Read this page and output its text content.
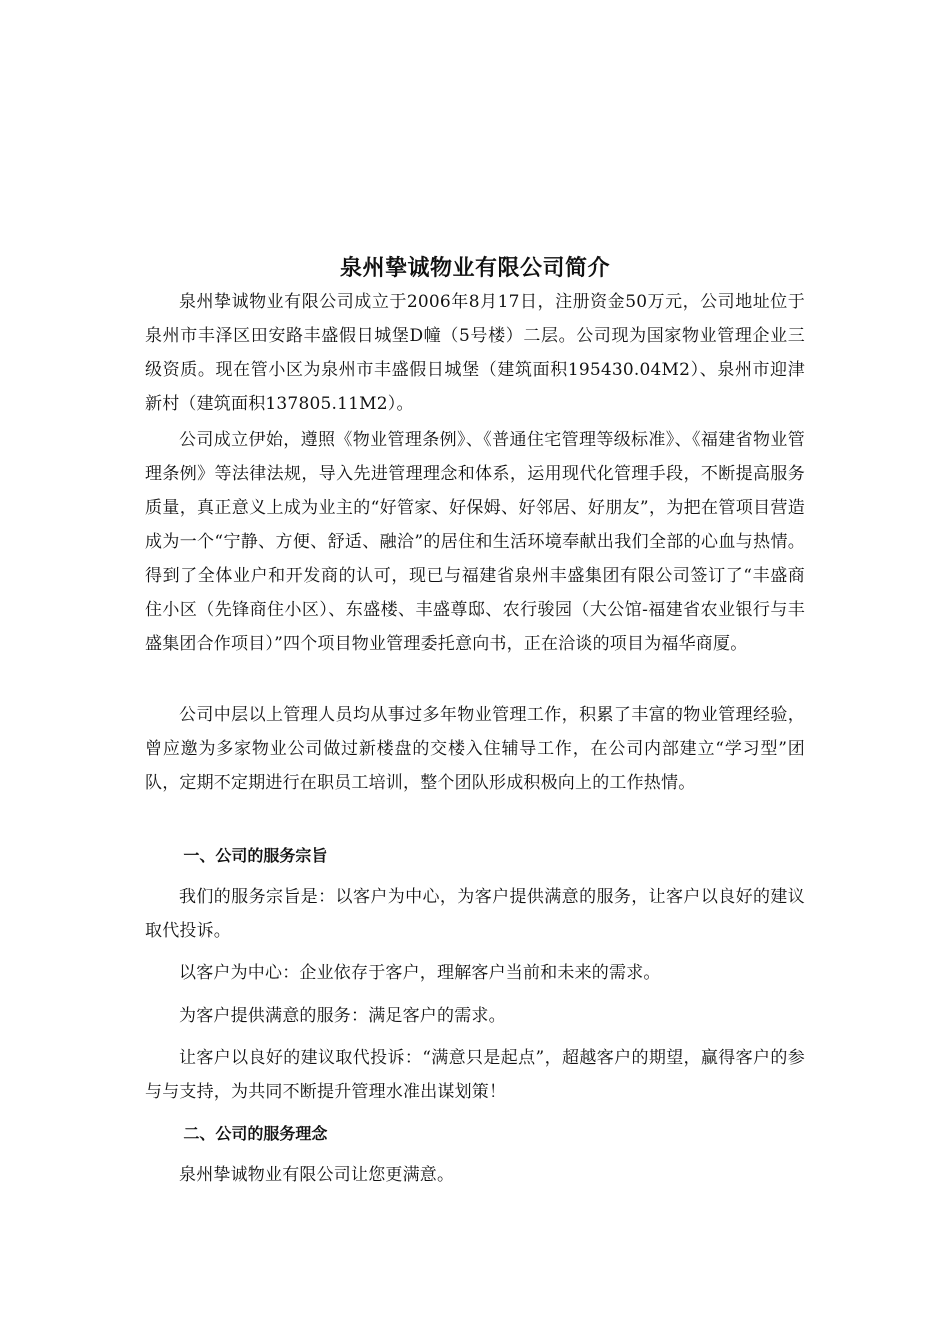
泉州挚诚物业有限公司简介

泉州挚诚物业有限公司成立于2006年8月17日，注册资金50万元，公司地址位于泉州市丰泽区田安路丰盛假日城堡D幢（5号楼）二层。公司现为国家物业管理企业三级资质。现在管小区为泉州市丰盛假日城堡（建筑面积195430.04M2）、泉州市迎津新村（建筑面积137805.11M2）。

公司成立伊始，遵照《物业管理条例》、《普通住宅管理等级标准》、《福建省物业管理条例》等法律法规，导入先进管理理念和体系，运用现代化管理手段，不断提高服务质量，真正意义上成为业主的“好管家、好保姆、好邻居、好朋友”，为把在管项目营造成为一个“宁静、方便、舒适、融洽”的居住和生活环境奉献出我们全部的心血与热情。得到了全体业户和开发商的认可，现已与福建省泉州丰盛集团有限公司签订了“丰盛商住小区（先锋商住小区）、东盛楼、丰盛尊邸、农行骏园（大公馆-福建省农业银行与丰盛集团合作项目）”四个项目物业管理委托意向书，正在洽谈的项目为福华商厦。

公司中层以上管理人员均从事过多年物业管理工作，积累了丰富的物业管理经验，曾应邀为多家物业公司做过新楼盘的交楼入住辅导工作，在公司内部建立“学习型”团队，定期不定期进行在职员工培训，整个团队形成积极向上的工作热情。

一、公司的服务宗旨

我们的服务宗旨是：以客户为中心，为客户提供满意的服务，让客户以良好的建议取代投诉。

以客户为中心：企业依存于客户，理解客户当前和未来的需求。

为客户提供满意的服务：满足客户的需求。

让客户以良好的建议取代投诉：“满意只是起点”，超越客户的期望，赢得客户的参与与支持，为共同不断提升管理水准出谋划策！

二、公司的服务理念

泉州挚诚物业有限公司让您更满意。
